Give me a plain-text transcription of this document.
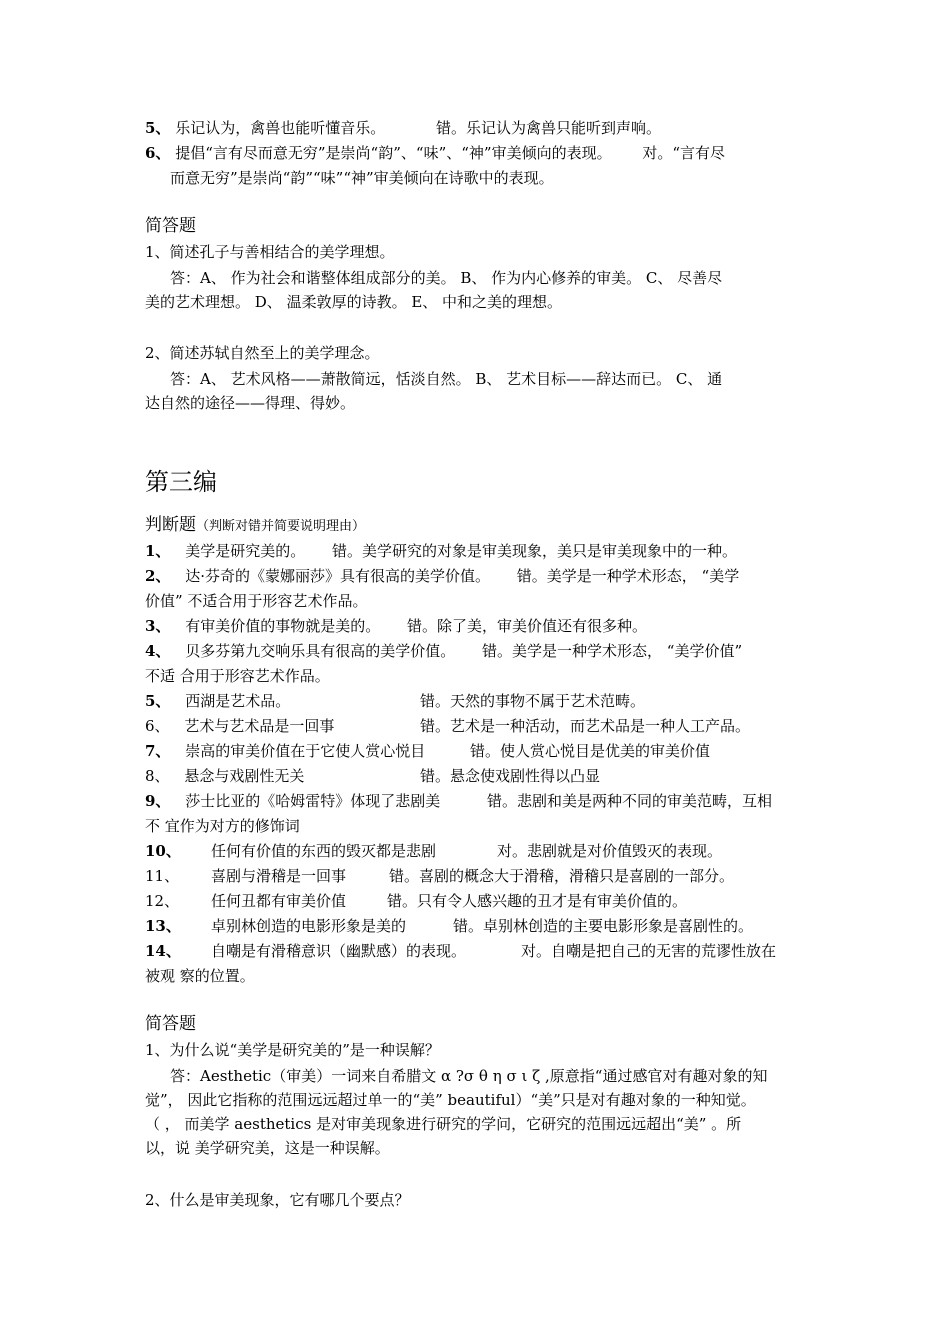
5、 乐记认为，禽兽也能听懂音乐。	错。乐记认为禽兽只能听到声响。
6、 提倡“言有尽而意无穷”是崇尚“韵”、“味”、“神”审美倾向的表现。 对。“言有尽
而意无穷”是崇尚“韵”“味”“神”审美倾向在诗歌中的表现。
简答题
1、简述孔子与善相结合的美学理想。
答：A、 作为社会和谐整体组成部分的美。 B、 作为内心修养的审美。 C、 尽善尽
美的艺术理想。 D、 温柔敦厚的诗教。 E、 中和之美的理想。
2、简述苏轼自然至上的美学理念。
答：A、 艺术风格——萧散简远，恬淡自然。 B、 艺术目标——辞达而已。 C、 通
达自然的途径——得理、得妙。
第三编
判断题（判断对错并简要说明理由）
1、 美学是研究美的。 错。美学研究的对象是审美现象，美只是审美现象中的一种。
2、 达·芬奇的《蒙娜丽莎》具有很高的美学价值。 错。美学是一种学术形态， “美学
价值” 不适合用于形容艺术作品。
3、 有审美价值的事物就是美的。 错。除了美，审美价值还有很多种。
4、 贝多芬第九交响乐具有很高的美学价值。 错。美学是一种学术形态， “美学价值”
不适 合用于形容艺术作品。
5、 西湖是艺术品。	错。天然的事物不属于艺术范畴。
6、 艺术与艺术品是一回事	错。艺术是一种活动，而艺术品是一种人工产品。
7、 崇高的审美价值在于它使人赏心悦目	错。使人赏心悦目是优美的审美价值
8、 悬念与戏剧性无关	错。悬念使戏剧性得以凸显
9、 莎士比亚的《哈姆雷特》体现了悲剧美	错。悲剧和美是两种不同的审美范畴，互相
不 宜作为对方的修饰词
10、 任何有价值的东西的毁灭都是悲剧	对。悲剧就是对价值毁灭的表现。
11、 喜剧与滑稽是一回事	错。喜剧的概念大于滑稽，滑稽只是喜剧的一部分。
12、 任何丑都有审美价值	错。只有令人感兴趣的丑才是有审美价值的。
13、 卓别林创造的电影形象是美的	错。卓别林创造的主要电影形象是喜剧性的。
14、 自嘲是有滑稽意识（幽默感）的表现。	对。自嘲是把自己的无害的荒谬性放在
被观 察的位置。
简答题
1、为什么说“美学是研究美的”是一种误解？
答：Aesthetic（审美）一词来自希腊文 α ?σ θ η σ ι ζ ,原意指“通过感官对有趣对象的知
觉”， 因此它指称的范围远远超过单一的“美” beautiful）“美”只是对有趣对象的一种知觉。
（ ， 而美学 aesthetics 是对审美现象进行研究的学问，它研究的范围远远超出“美” 。所
以，说 美学研究美，这是一种误解。
2、什么是审美现象，它有哪几个要点？
